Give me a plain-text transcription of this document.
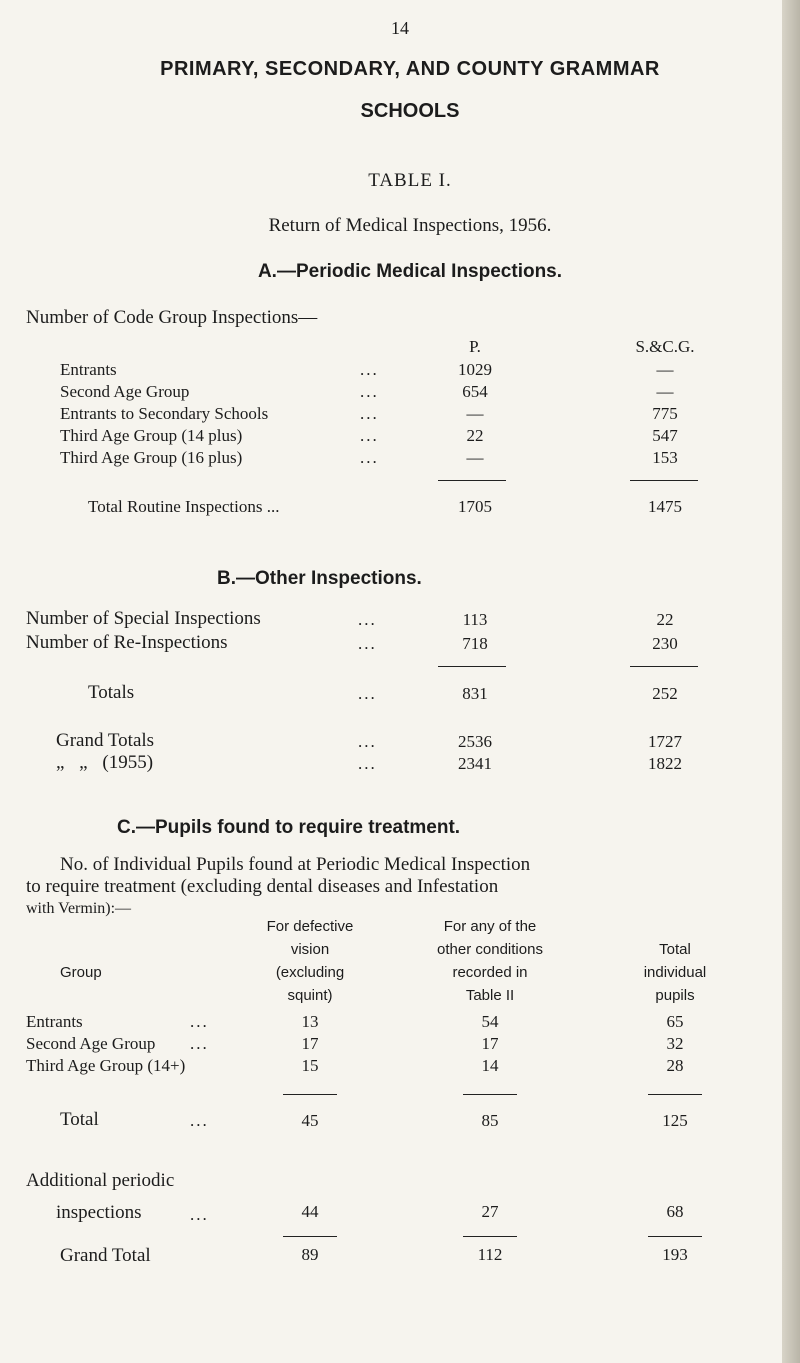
14
PRIMARY, SECONDARY, AND COUNTY GRAMMAR
SCHOOLS
TABLE I.
Return of Medical Inspections, 1956.
A.—Periodic Medical Inspections.
Number of Code Group Inspections—
P.	S.&C.G.
Entrants	...	1029	—
Second Age Group	...	654	—
Entrants to Secondary Schools	...	—	775
Third Age Group (14 plus)	...	22	547
Third Age Group (16 plus)	...	—	153
Total Routine Inspections ...	1705	1475
B.—Other Inspections.
Number of Special Inspections	...	113	22
Number of Re-Inspections	...	718	230
Totals	...	831	252
Grand Totals	...	2536	1727
„ „ (1955)	...	2341	1822
C.—Pupils found to require treatment.
No. of Individual Pupils found at Periodic Medical Inspection
to require treatment (excluding dental diseases and Infestation
with Vermin):—
For defective
vision
(excluding
squint)
For any of the
other conditions
recorded in
Table II
Total
individual
pupils
Group
Entrants	...	13	54	65
Second Age Group ...	17	17	32
Third Age Group (14+)	15	14	28
Total	...	45	85	125
Additional periodic
inspections	...	44	27	68
Grand Total	89	112	193
